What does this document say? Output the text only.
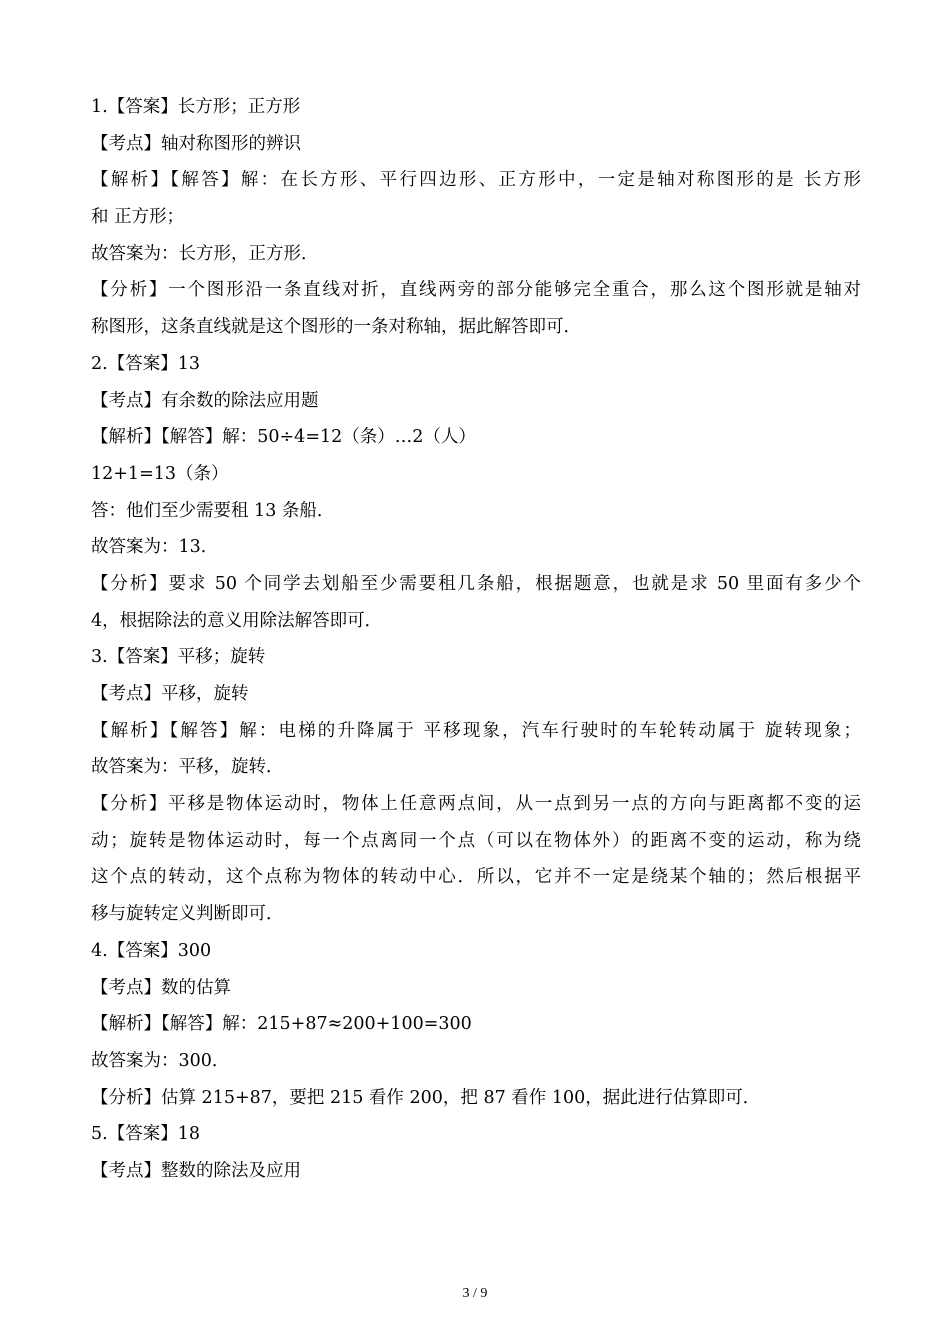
1.【答案】长方形；正方形
【考点】轴对称图形的辨识
【解析】【解答】解：在长方形、平行四边形、正方形中，一定是轴对称图形的是 长方形
和 正方形；
故答案为：长方形，正方形．
【分析】一个图形沿一条直线对折，直线两旁的部分能够完全重合，那么这个图形就是轴对
称图形，这条直线就是这个图形的一条对称轴，据此解答即可．
2.【答案】13
【考点】有余数的除法应用题
【解析】【解答】解：50÷4=12（条）…2（人）
12+1=13（条）
答：他们至少需要租 13 条船．
故答案为：13．
【分析】要求 50 个同学去划船至少需要租几条船，根据题意，也就是求 50 里面有多少个
4，根据除法的意义用除法解答即可．
3.【答案】平移；旋转
【考点】平移，旋转
【解析】【解答】解：电梯的升降属于 平移现象，汽车行驶时的车轮转动属于 旋转现象；
故答案为：平移，旋转．
【分析】平移是物体运动时，物体上任意两点间，从一点到另一点的方向与距离都不变的运
动；旋转是物体运动时，每一个点离同一个点（可以在物体外）的距离不变的运动，称为绕
这个点的转动，这个点称为物体的转动中心．所以，它并不一定是绕某个轴的；然后根据平
移与旋转定义判断即可．
4.【答案】300
【考点】数的估算
【解析】【解答】解：215+87≈200+100=300
故答案为：300．
【分析】估算 215+87，要把 215 看作 200，把 87 看作 100，据此进行估算即可．
5.【答案】18
【考点】整数的除法及应用
3 / 9
